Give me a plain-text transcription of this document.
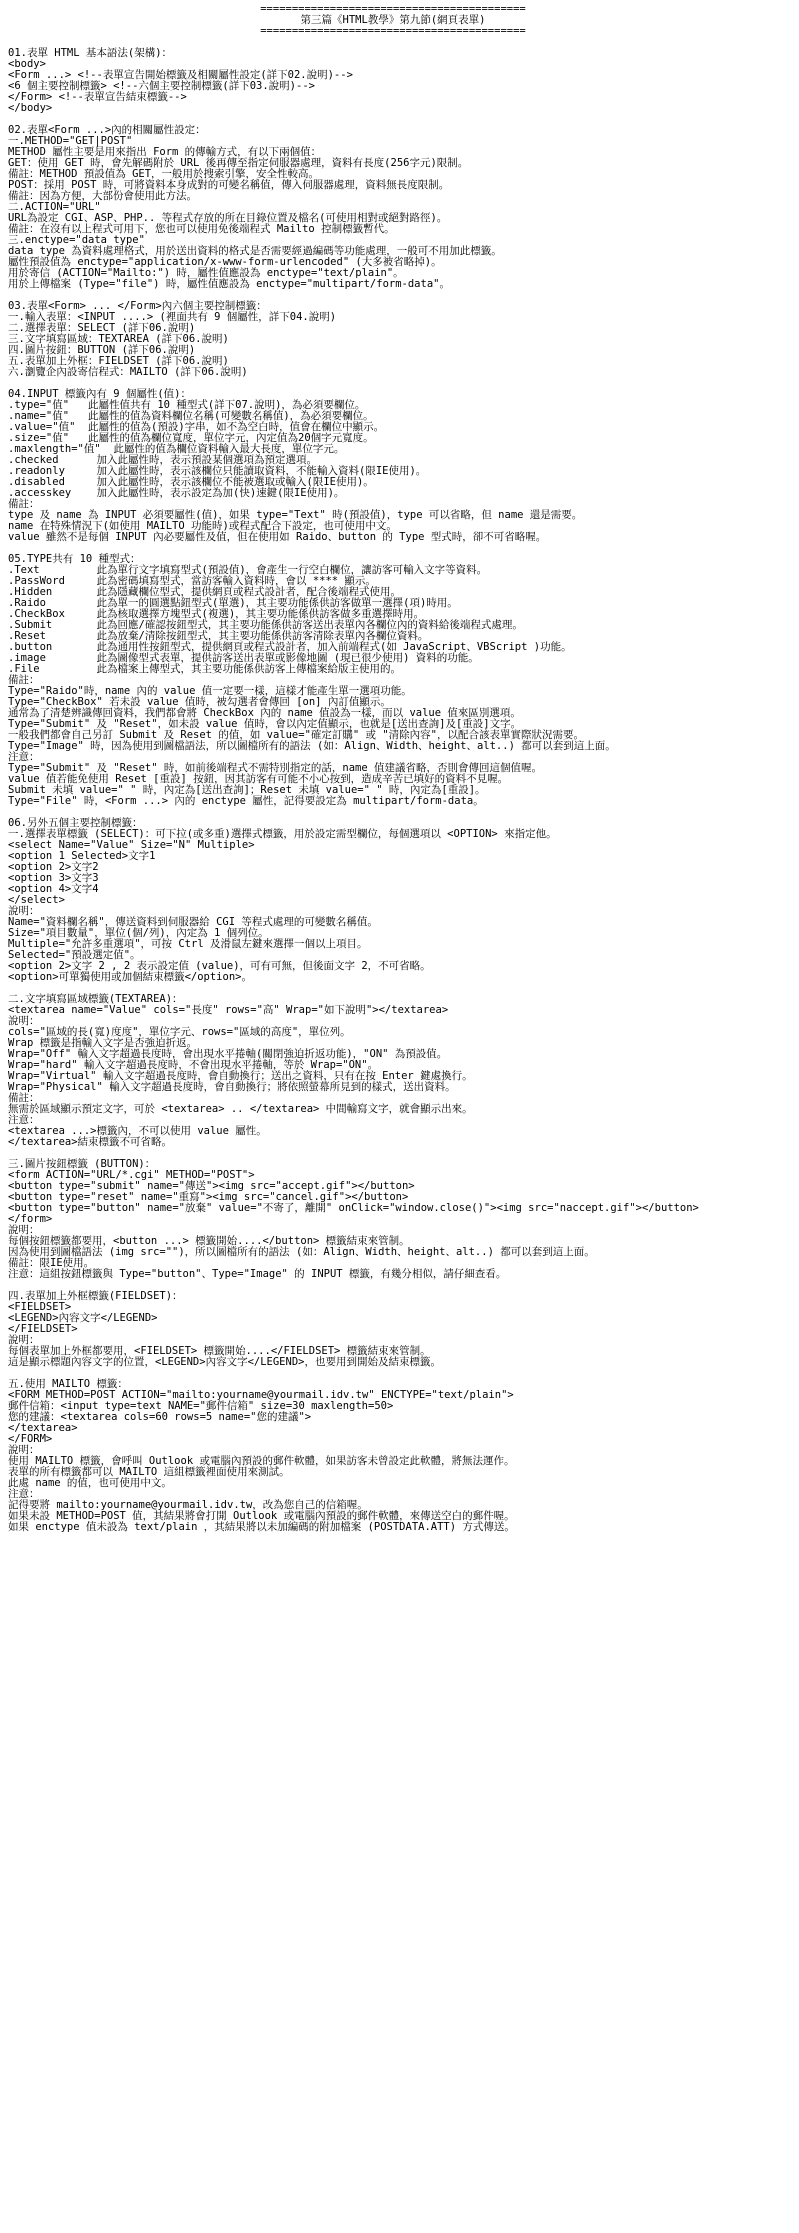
==========================================
第三篇《HTML教學》第九節(網頁表單)
==========================================
01.表單 HTML 基本語法(架構)：
<body>
<Form ...> <!--表單宣告開始標籤及相關屬性設定(詳下02.說明)-->
<6 個主要控制標籤> <!--六個主要控制標籤(詳下03.說明)-->
</Form> <!--表單宣告結束標籤-->
</body>
02.表單<Form ...>內的相關屬性設定：
一.METHOD="GET|POST"
METHOD 屬性主要是用來指出 Form 的傳輸方式，有以下兩個值：
GET：使用 GET 時，會先解碼附於 URL 後再傳至指定伺服器處理，資料有長度(256字元)限制。
備註：METHOD 預設值為 GET，一般用於搜索引擎，安全性較高。
POST：採用 POST 時，可將資料本身成對的可變名稱值，傳入伺服器處理，資料無長度限制。
備註：因為方便，大部份會使用此方法。
二.ACTION="URL"
URL為設定 CGI、ASP、PHP.. 等程式存放的所在目錄位置及檔名(可使用相對或絕對路徑)。
備註：在沒有以上程式可用下，您也可以使用免後端程式 Mailto 控制標籤暫代。
三.enctype="data type"
data type 為資料處理格式，用於送出資料的格式是否需要經過編碼等功能處理，一般可不用加此標籤。
屬性預設值為 enctype="application/x-www-form-urlencoded" (大多被省略掉)。
用於寄信 (ACTION="Mailto:") 時，屬性值應設為 enctype="text/plain"。
用於上傳檔案 (Type="file") 時，屬性值應設為 enctype="multipart/form-data"。
03.表單<Form> ... </Form>內六個主要控制標籤：
一.輸入表單：<INPUT ....> (裡面共有 9 個屬性，詳下04.說明)
二.選擇表單：SELECT (詳下06.說明)
三.文字填寫區域：TEXTAREA (詳下06.說明)
四.圖片按鈕：BUTTON (詳下06.說明)
五.表單加上外框：FIELDSET (詳下06.說明)
六.瀏覽企內設寄信程式：MAILTO (詳下06.說明)
04.INPUT 標籤內有 9 個屬性(值)：
.type="值"   此屬性值共有 10 種型式(詳下07.說明)，為必須要欄位。
.name="值"   此屬性的值為資料欄位名稱(可變數名稱值)，為必須要欄位。
.value="值"  此屬性的值為(預設)字串，如不為空白時，值會在欄位中顯示。
.size="值"   此屬性的值為欄位寬度，單位字元，內定值為20個字元寬度。
.maxlength="值"  此屬性的值為欄位資料輸入最大長度，單位字元。
.checked      加入此屬性時，表示預設某個選項為預定選項。
.readonly     加入此屬性時，表示該欄位只能讀取資料，不能輸入資料(限IE使用)。
.disabled     加入此屬性時，表示該欄位不能被選取或輸入(限IE使用)。
.accesskey    加入此屬性時，表示設定為加(快)速鍵(限IE使用)。
備註：
type 及 name 為 INPUT 必須要屬性(值)，如果 type="Text" 時(預設值)，type 可以省略，但 name 還是需要。
name 在特殊情況下(如使用 MAILTO 功能時)或程式配合下設定，也可使用中文。
value 雖然不是每個 INPUT 內必要屬性及值，但在使用如 Raido、button 的 Type 型式時，卻不可省略喔。
05.TYPE共有 10 種型式：
.Text         此為單行文字填寫型式(預設值)，會產生一行空白欄位，讓訪客可輸入文字等資料。
.PassWord     此為密碼填寫型式，當訪客輸入資料時，會以 **** 顯示。
.Hidden       此為隱藏欄位型式，提供網頁或程式設計者，配合後端程式使用。
.Raido        此為單一的圓選點鈕型式(單選)，其主要功能係供訪客做單一選擇(項)時用。
.CheckBox     此為核取選擇方塊型式(複選)，其主要功能係供訪客做多重選擇時用。
.Submit       此為回應/確認按鈕型式，其主要功能係供訪客送出表單內各欄位內的資料給後端程式處理。
.Reset        此為放棄/清除按鈕型式，其主要功能係供訪客清除表單內各欄位資料。
.button       此為通用性按鈕型式，提供網頁或程式設計者，加入前端程式(如 JavaScript、VBScript )功能。
.image        此為圖像型式表單，提供訪客送出表單或影像地圖 (現已很少使用) 資料的功能。
.File         此為檔案上傳型式，其主要功能係供訪客上傳檔案給版主使用的。
備註：
Type="Raido"時，name 內的 value 值一定要一樣，這樣才能產生單一選項功能。
Type="CheckBox" 若未設 value 值時，被勾選者會傳回 [on] 內訂值顯示。
通常為了清楚辨識傳回資料，我們都會將 CheckBox 內的 name 值設為一樣，而以 value 值來區別選項。
Type="Submit" 及 "Reset"，如未設 value 值時，會以內定值顯示，也就是[送出查詢]及[重設]文字。
一般我們都會自己另訂 Submit 及 Reset 的值，如 value="確定訂購" 或 "清除內容"，以配合該表單實際狀況需要。
Type="Image" 時，因為使用到圖檔語法，所以圖檔所有的語法 (如：Align、Width、height、alt..) 都可以套到這上面。
注意：
Type="Submit" 及 "Reset" 時，如前後端程式不需特別指定的話，name 值建議省略，否則會傳回這個值喔。
value 值若能免使用 Reset [重設] 按鈕，因其訪客有可能不小心按到，造成辛苦已填好的資料不見喔。
Submit 未填 value=" " 時，內定為[送出查詢]；Reset 未填 value=" " 時，內定為[重設]。
Type="File" 時，<Form ...> 內的 enctype 屬性，記得要設定為 multipart/form-data。
06.另外五個主要控制標籤：
一.選擇表單標籤 (SELECT)：可下拉(或多重)選擇式標籤，用於設定需型欄位，每個選項以 <OPTION> 來指定他。
<select Name="Value" Size="N" Multiple>
<option 1 Selected>文字1
<option 2>文字2
<option 3>文字3
<option 4>文字4
</select>
說明：
Name="資料欄名稱"，傳送資料到伺服器給 CGI 等程式處理的可變數名稱值。
Size="項目數量"，單位(個/列)，內定為 1 個列位。
Multiple="允許多重選項"，可按 Ctrl 及滑鼠左鍵來選擇一個以上項目。
Selected="預設選定值"。
<option 2>文字 2 , 2 表示設定值 (value)，可有可無，但後面文字 2，不可省略。
<option>可單獨使用或加個結束標籤</option>。
二.文字填寫區域標籤(TEXTAREA)：
<textarea name="Value" cols="長度" rows="高" Wrap="如下說明"></textarea>
說明：
cols="區域的長(寬)度度"，單位字元、rows="區域的高度"，單位列。
Wrap 標籤是指輸入文字是否強迫折返。
Wrap="Off" 輸入文字超過長度時，會出現水平捲軸(關閉強迫折返功能)，"ON" 為預設值。
Wrap="hard" 輸入文字超過長度時，不會出現水平捲軸，等於 Wrap="ON"。
Wrap="Virtual" 輸入文字超過長度時，會自動換行；送出之資料，只有在按 Enter 鍵處換行。
Wrap="Physical" 輸入文字超過長度時，會自動換行；將依照螢幕所見到的樣式，送出資料。
備註：
無需於區域顯示預定文字，可於 <textarea> .. </textarea> 中間輸寫文字，就會顯示出來。
注意：
<textarea ...>標籤內，不可以使用 value 屬性。
</textarea>結束標籤不可省略。
三.圖片按鈕標籤 (BUTTON)：
<form ACTION="URL/*.cgi" METHOD="POST">
<button type="submit" name="傳送"><img src="accept.gif"></button>
<button type="reset" name="重寫"><img src="cancel.gif"></button>
<button type="button" name="放棄" value="不寄了，離開" onClick="window.close()"><img src="naccept.gif"></button>
</form>
說明：
每個按鈕標籤都要用，<button ...> 標籤開始....</button> 標籤結束來管制。
因為使用到圖檔語法 (img src="")，所以圖檔所有的語法 (如：Align、Width、height、alt..) 都可以套到這上面。
備註：限IE使用。
注意：這組按鈕標籤與 Type="button"、Type="Image" 的 INPUT 標籤，有幾分相似，請仔細查看。
四.表單加上外框標籤(FIELDSET)：
<FIELDSET>
<LEGEND>內容文字</LEGEND>
</FIELDSET>
說明：
每個表單加上外框都要用，<FIELDSET> 標籤開始....</FIELDSET> 標籤結束來管制。
這是顯示標題內容文字的位置，<LEGEND>內容文字</LEGEND>，也要用到開始及結束標籤。
五.使用 MAILTO 標籤：
<FORM METHOD=POST ACTION="mailto:yourname@yourmail.idv.tw" ENCTYPE="text/plain">
郵件信箱：<input type=text NAME="郵件信箱" size=30 maxlength=50>
您的建議：<textarea cols=60 rows=5 name="您的建議">
</textarea>
</FORM>
說明：
使用 MAILTO 標籤，會呼叫 Outlook 或電腦內預設的郵件軟體，如果訪客未曾設定此軟體，將無法運作。
表單的所有標籤都可以 MAILTO 這組標籤裡面使用來測試。
此處 name 的值，也可使用中文。
注意：
記得要將 mailto:yourname@yourmail.idv.tw，改為您自己的信箱喔。
如果未設 METHOD=POST 值，其結果將會打開 Outlook 或電腦內預設的郵件軟體，來傳送空白的郵件喔。
如果 enctype 值未設為 text/plain ，其結果將以未加編碼的附加檔案 (POSTDATA.ATT) 方式傳送。
